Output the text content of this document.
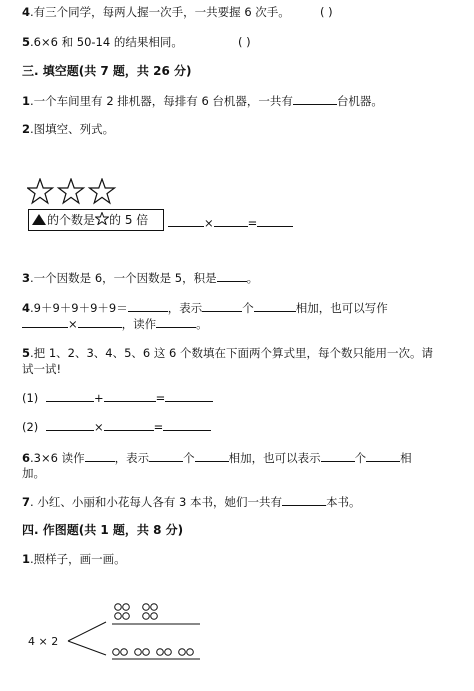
4.有三个同学，每两人握一次手，一共要握 6 次手。	( )
5.6×6 和 50-14 的结果相同。	( )
三. 填空题(共 7 题，共 26 分)
1.一个车间里有 2 排机器，每排有 6 台机器，一共有	台机器。
2.图填空、列式。
的个数是 的 5 倍	×	=
3.一个因数是 6，一个因数是 5，积是	。
4.9＋9＋9＋9＋9＝	，表示	个	相加，也可以写作
×	，读作	。
5.把 1、2、3、4、5、6 这 6 个数填在下面两个算式里，每个数只能用一次。请
试一试!
(1)	+	=
(2)	×	=
6.3×6 读作	，表示	个	相加，也可以表示	个	相
加。
7. 小红、小丽和小花每人各有 3 本书，她们一共有	本书。
四. 作图题(共 1 题，共 8 分)
1.照样子，画一画。
4 × 2
